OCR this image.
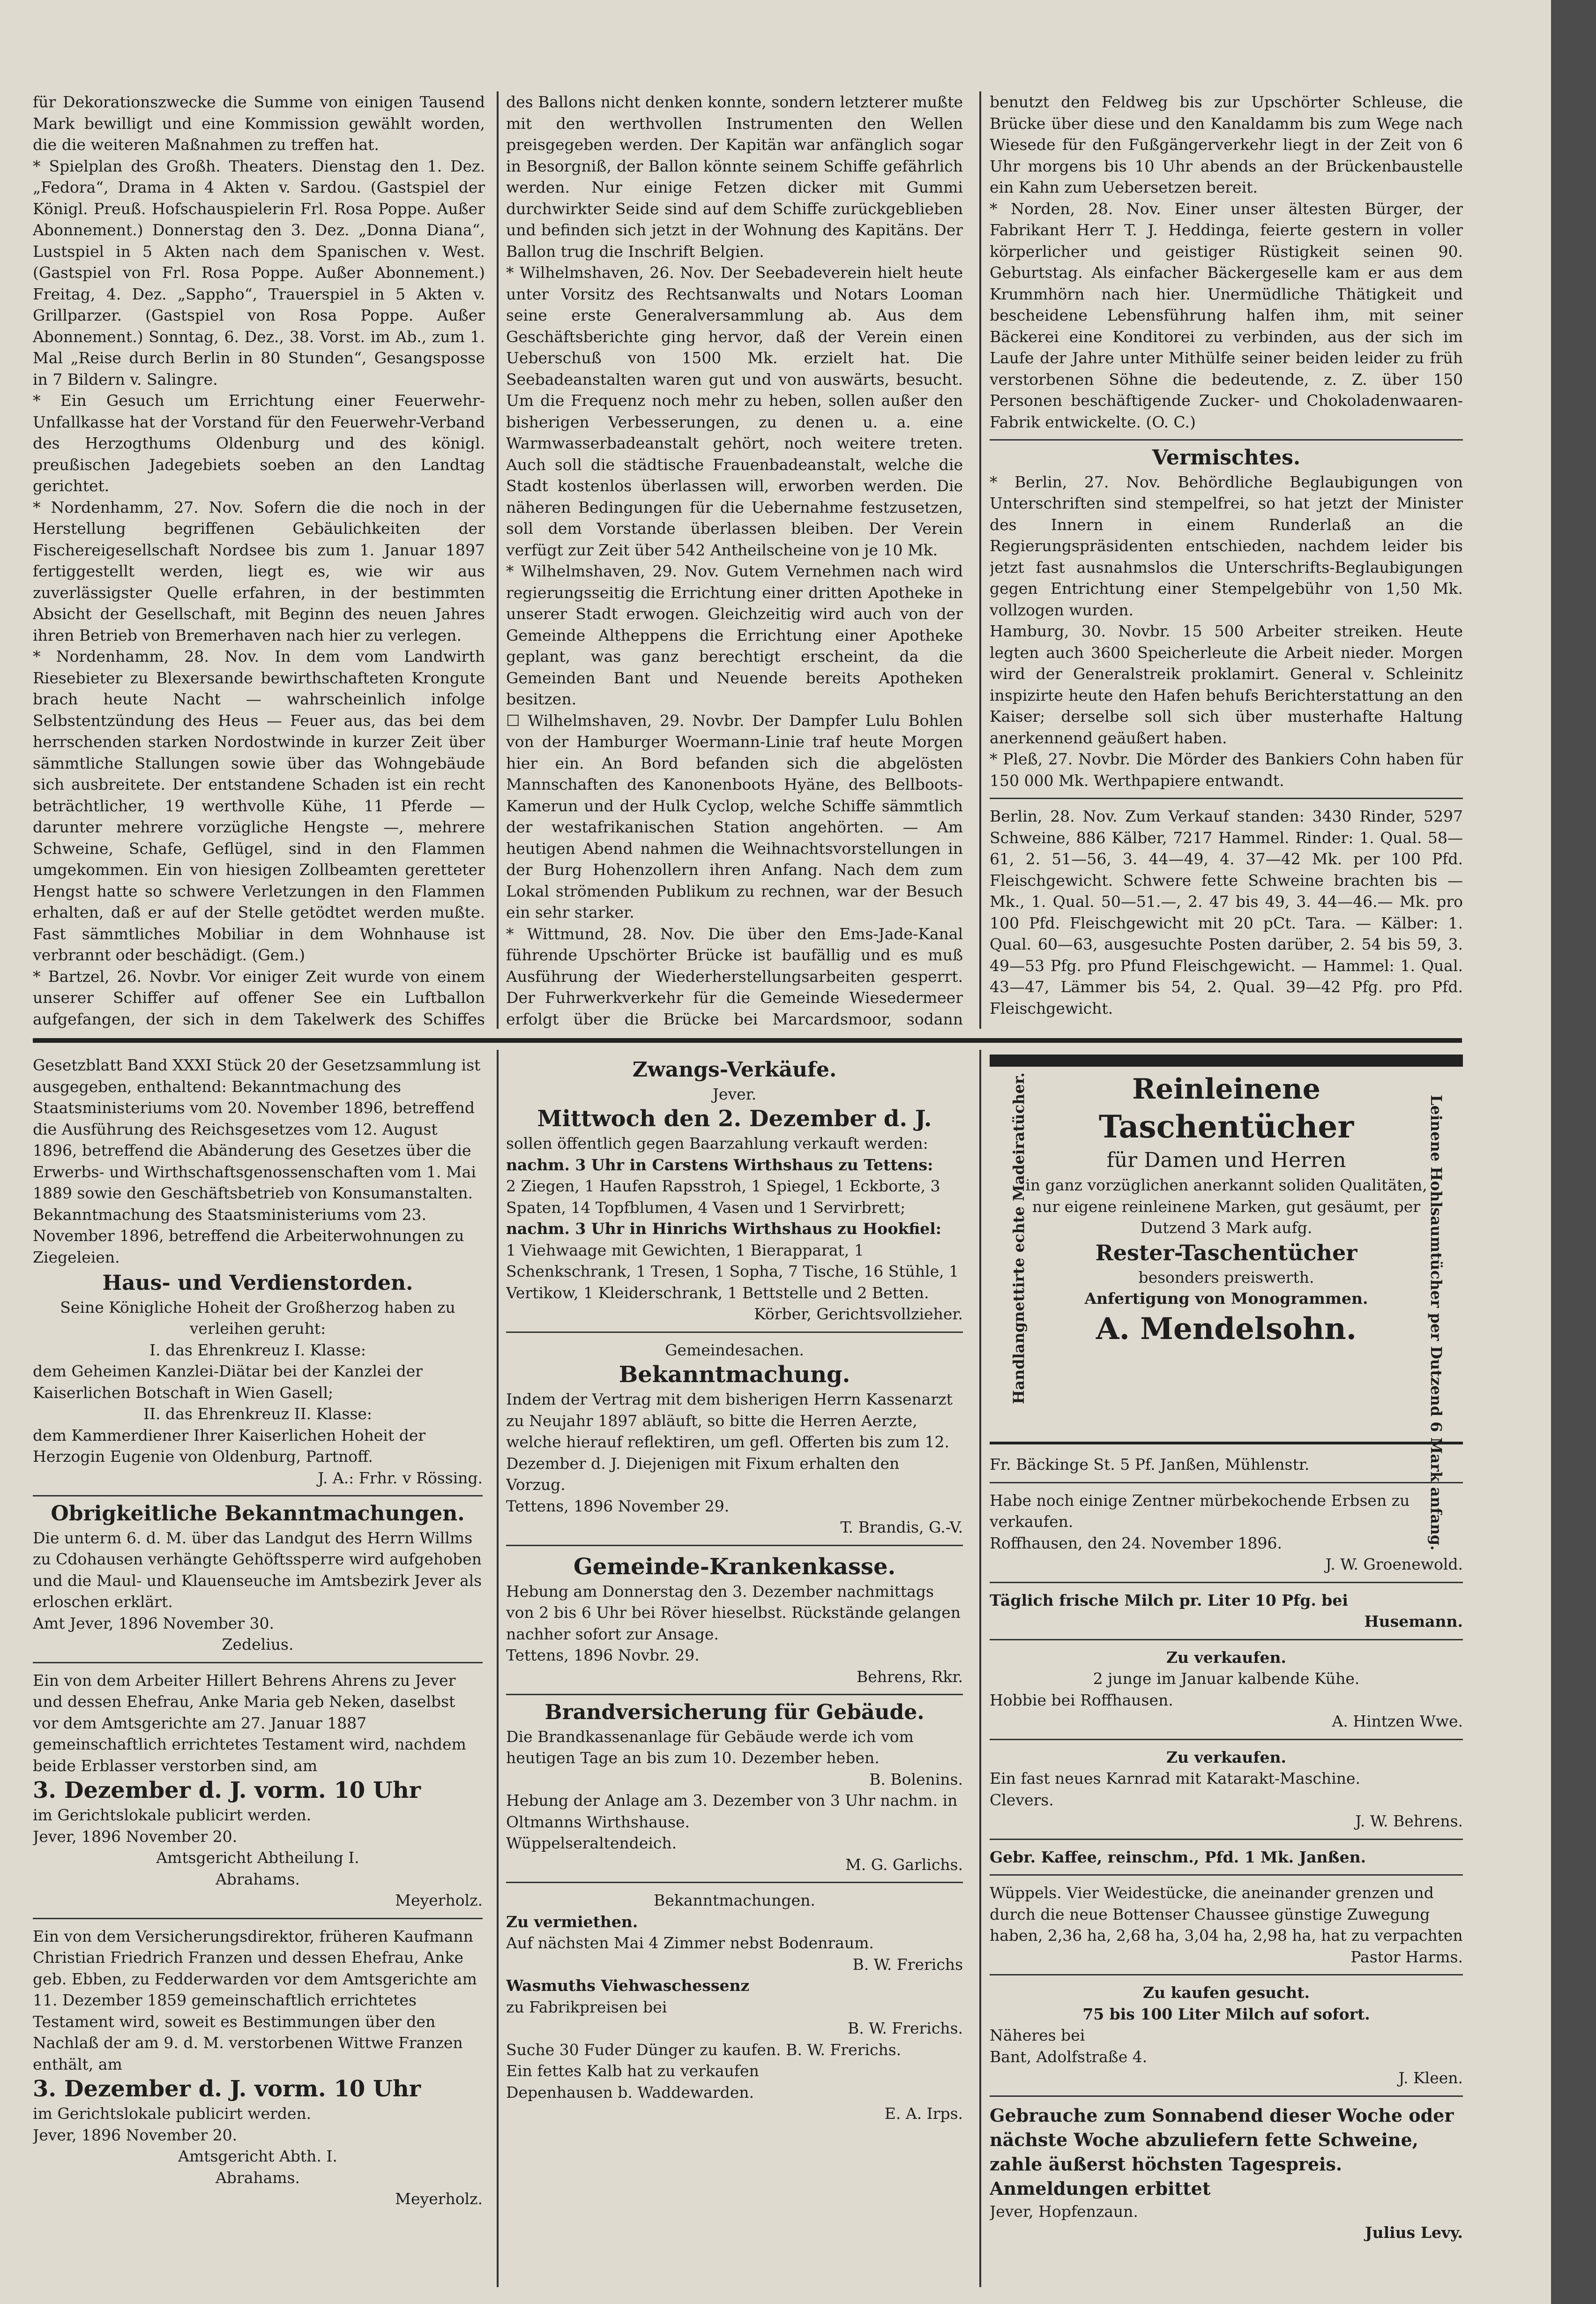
für Dekorationszwecke die Summe von einigen Tausend Mark bewilligt und eine Kommission gewählt worden, die die weiteren Maßnahmen zu treffen hat.

* Spielplan des Großh. Theaters. Dienstag den 1. Dez. „Fedora“, Drama in 4 Akten v. Sardou. (Gastspiel der Königl. Preuß. Hofschauspielerin Frl. Rosa Poppe. Außer Abonnement.) Donnerstag den 3. Dez. „Donna Diana“, Lustspiel in 5 Akten nach dem Spanischen v. West. (Gastspiel von Frl. Rosa Poppe. Außer Abonnement.) Freitag, 4. Dez. „Sappho“, Trauerspiel in 5 Akten v. Grillparzer. (Gastspiel von Rosa Poppe. Außer Abonnement.) Sonntag, 6. Dez., 38. Vorst. im Ab., zum 1. Mal „Reise durch Berlin in 80 Stunden“, Gesangsposse in 7 Bildern v. Salingre.

* Ein Gesuch um Errichtung einer Feuerwehr-Unfallkasse hat der Vorstand für den Feuerwehr-Verband des Herzogthums Oldenburg und des königl. preußischen Jadegebiets soeben an den Landtag gerichtet.

* Nordenhamm, 27. Nov. Sofern die die noch in der Herstellung begriffenen Gebäulichkeiten der Fischereigesellschaft Nordsee bis zum 1. Januar 1897 fertiggestellt werden, liegt es, wie wir aus zuverlässigster Quelle erfahren, in der bestimmten Absicht der Gesellschaft, mit Beginn des neuen Jahres ihren Betrieb von Bremerhaven nach hier zu verlegen.

* Nordenhamm, 28. Nov. In dem vom Landwirth Riesebieter zu Blexersande bewirthschafteten Krongute brach heute Nacht — wahrscheinlich infolge Selbstentzündung des Heus — Feuer aus, das bei dem herrschenden starken Nordostwinde in kurzer Zeit über sämmtliche Stallungen sowie über das Wohngebäude sich ausbreitete. Der entstandene Schaden ist ein recht beträchtlicher, 19 werthvolle Kühe, 11 Pferde — darunter mehrere vorzügliche Hengste —, mehrere Schweine, Schafe, Geflügel, sind in den Flammen umgekommen. Ein von hiesigen Zollbeamten geretteter Hengst hatte so schwere Verletzungen in den Flammen erhalten, daß er auf der Stelle getödtet werden mußte. Fast sämmtliches Mobiliar in dem Wohnhause ist verbrannt oder beschädigt. (Gem.)

* Bartzel, 26. Novbr. Vor einiger Zeit wurde von einem unserer Schiffer auf offener See ein Luftballon aufgefangen, der sich in dem Takelwerk des Schiffes

des Ballons nicht denken konnte, sondern letzterer mußte mit den werthvollen Instrumenten den Wellen preisgegeben werden. Der Kapitän war anfänglich sogar in Besorgniß, der Ballon könnte seinem Schiffe gefährlich werden. Nur einige Fetzen dicker mit Gummi durchwirkter Seide sind auf dem Schiffe zurückgeblieben und befinden sich jetzt in der Wohnung des Kapitäns. Der Ballon trug die Inschrift Belgien.

* Wilhelmshaven, 26. Nov. Der Seebadeverein hielt heute unter Vorsitz des Rechtsanwalts und Notars Looman seine erste Generalversammlung ab. Aus dem Geschäftsberichte ging hervor, daß der Verein einen Ueberschuß von 1500 Mk. erzielt hat. Die Seebadeanstalten waren gut und von auswärts, besucht. Um die Frequenz noch mehr zu heben, sollen außer den bisherigen Verbesserungen, zu denen u. a. eine Warmwasserbadeanstalt gehört, noch weitere treten. Auch soll die städtische Frauenbadeanstalt, welche die Stadt kostenlos überlassen will, erworben werden. Die näheren Bedingungen für die Uebernahme festzusetzen, soll dem Vorstande überlassen bleiben. Der Verein verfügt zur Zeit über 542 Antheilscheine von je 10 Mk.

* Wilhelmshaven, 29. Nov. Gutem Vernehmen nach wird regierungsseitig die Errichtung einer dritten Apotheke in unserer Stadt erwogen. Gleichzeitig wird auch von der Gemeinde Altheppens die Errichtung einer Apotheke geplant, was ganz berechtigt erscheint, da die Gemeinden Bant und Neuende bereits Apotheken besitzen.

☐ Wilhelmshaven, 29. Novbr. Der Dampfer Lulu Bohlen von der Hamburger Woermann-Linie traf heute Morgen hier ein. An Bord befanden sich die abgelösten Mannschaften des Kanonenboots Hyäne, des Bellboots-Kamerun und der Hulk Cyclop, welche Schiffe sämmtlich der westafrikanischen Station angehörten. — Am heutigen Abend nahmen die Weihnachtsvorstellungen in der Burg Hohenzollern ihren Anfang. Nach dem zum Lokal strömenden Publikum zu rechnen, war der Besuch ein sehr starker.

* Wittmund, 28. Nov. Die über den Ems-Jade-Kanal führende Upschörter Brücke ist baufällig und es muß Ausführung der Wiederherstellungsarbeiten gesperrt. Der Fuhrwerkverkehr für die Gemeinde Wiesedermeer erfolgt über die Brücke bei Marcardsmoor, sodann

benutzt den Feldweg bis zur Upschörter Schleuse, die Brücke über diese und den Kanaldamm bis zum Wege nach Wiesede für den Fußgängerverkehr liegt in der Zeit von 6 Uhr morgens bis 10 Uhr abends an der Brückenbaustelle ein Kahn zum Uebersetzen bereit.

* Norden, 28. Nov. Einer unser ältesten Bürger, der Fabrikant Herr T. J. Heddinga, feierte gestern in voller körperlicher und geistiger Rüstigkeit seinen 90. Geburtstag. Als einfacher Bäckergeselle kam er aus dem Krummhörn nach hier. Unermüdliche Thätigkeit und bescheidene Lebensführung halfen ihm, mit seiner Bäckerei eine Konditorei zu verbinden, aus der sich im Laufe der Jahre unter Mithülfe seiner beiden leider zu früh verstorbenen Söhne die bedeutende, z. Z. über 150 Personen beschäftigende Zucker- und Chokoladenwaaren-Fabrik entwickelte. (O. C.)

Vermischtes.

* Berlin, 27. Nov. Behördliche Beglaubigungen von Unterschriften sind stempelfrei, so hat jetzt der Minister des Innern in einem Runderlaß an die Regierungspräsidenten entschieden, nachdem leider bis jetzt fast ausnahmslos die Unterschrifts-Beglaubigungen gegen Entrichtung einer Stempelgebühr von 1,50 Mk. vollzogen wurden.

Hamburg, 30. Novbr. 15 500 Arbeiter streiken. Heute legten auch 3600 Speicherleute die Arbeit nieder. Morgen wird der Generalstreik proklamirt. General v. Schleinitz inspizirte heute den Hafen behufs Berichterstattung an den Kaiser; derselbe soll sich über musterhafte Haltung anerkennend geäußert haben.

* Pleß, 27. Novbr. Die Mörder des Bankiers Cohn haben für 150 000 Mk. Werthpapiere entwandt.

Berlin, 28. Nov. Zum Verkauf standen: 3430 Rinder, 5297 Schweine, 886 Kälber, 7217 Hammel. Rinder: 1. Qual. 58—61, 2. 51—56, 3. 44—49, 4. 37—42 Mk. per 100 Pfd. Fleischgewicht. Schwere fette Schweine brachten bis — Mk., 1. Qual. 50—51.—, 2. 47 bis 49, 3. 44—46.— Mk. pro 100 Pfd. Fleischgewicht mit 20 pCt. Tara. — Kälber: 1. Qual. 60—63, ausgesuchte Posten darüber, 2. 54 bis 59, 3. 49—53 Pfg. pro Pfund Fleischgewicht. — Hammel: 1. Qual. 43—47, Lämmer bis 54, 2. Qual. 39—42 Pfg. pro Pfd. Fleischgewicht.

Gesetzblatt Band XXXI Stück 20 der Gesetzsammlung ist ausgegeben, enthaltend: Bekanntmachung des Staatsministeriums vom 20. November 1896, betreffend die Ausführung des Reichsgesetzes vom 12. August 1896, betreffend die Abänderung des Gesetzes über die Erwerbs- und Wirthschaftsgenossenschaften vom 1. Mai 1889 sowie den Geschäftsbetrieb von Konsumanstalten. Bekanntmachung des Staatsministeriums vom 23. November 1896, betreffend die Arbeiterwohnungen zu Ziegeleien.

Haus- und Verdienstorden.

Seine Königliche Hoheit der Großherzog haben zu verleihen geruht:

I. das Ehrenkreuz I. Klasse:

dem Geheimen Kanzlei-Diätar bei der Kanzlei der Kaiserlichen Botschaft in Wien Gasell;

II. das Ehrenkreuz II. Klasse:

dem Kammerdiener Ihrer Kaiserlichen Hoheit der Herzogin Eugenie von Oldenburg, Partnoff.

J. A.: Frhr. v Rössing.

Obrigkeitliche Bekanntmachungen.

Die unterm 6. d. M. über das Landgut des Herrn Willms zu Cdohausen verhängte Gehöftssperre wird aufgehoben und die Maul- und Klauenseuche im Amtsbezirk Jever als erloschen erklärt.

Amt Jever, 1896 November 30.

Zedelius.

Ein von dem Arbeiter Hillert Behrens Ahrens zu Jever und dessen Ehefrau, Anke Maria geb Neken, daselbst vor dem Amtsgerichte am 27. Januar 1887 gemeinschaftlich errichtetes Testament wird, nachdem beide Erblasser verstorben sind, am

3. Dezember d. J. vorm. 10 Uhr

im Gerichtslokale publicirt werden.

Jever, 1896 November 20.

Amtsgericht Abtheilung I.

Abrahams.

Meyerholz.

Ein von dem Versicherungsdirektor, früheren Kaufmann Christian Friedrich Franzen und dessen Ehefrau, Anke geb. Ebben, zu Fedderwarden vor dem Amtsgerichte am 11. Dezember 1859 gemeinschaftlich errichtetes Testament wird, soweit es Bestimmungen über den Nachlaß der am 9. d. M. verstorbenen Wittwe Franzen enthält, am

3. Dezember d. J. vorm. 10 Uhr

im Gerichtslokale publicirt werden.

Jever, 1896 November 20.

Amtsgericht Abth. I.

Abrahams.

Meyerholz.

Zwangs-Verkäufe.

Jever.

Mittwoch den 2. Dezember d. J.

sollen öffentlich gegen Baarzahlung verkauft werden:

nachm. 3 Uhr in Carstens Wirthshaus zu Tettens:

2 Ziegen, 1 Haufen Rapsstroh, 1 Spiegel, 1 Eckborte, 3 Spaten, 14 Topfblumen, 4 Vasen und 1 Servirbrett;

nachm. 3 Uhr in Hinrichs Wirthshaus zu Hookfiel:

1 Viehwaage mit Gewichten, 1 Bierapparat, 1 Schenkschrank, 1 Tresen, 1 Sopha, 7 Tische, 16 Stühle, 1 Vertikow, 1 Kleiderschrank, 1 Bettstelle und 2 Betten.

Körber, Gerichtsvollzieher.

Gemeindesachen.

Bekanntmachung.

Indem der Vertrag mit dem bisherigen Herrn Kassenarzt zu Neujahr 1897 abläuft, so bitte die Herren Aerzte, welche hierauf reflektiren, um gefl. Offerten bis zum 12. Dezember d. J. Diejenigen mit Fixum erhalten den Vorzug.

Tettens, 1896 November 29.

T. Brandis, G.-V.

Gemeinde-Krankenkasse.

Hebung am Donnerstag den 3. Dezember nachmittags von 2 bis 6 Uhr bei Röver hieselbst. Rückstände gelangen nachher sofort zur Ansage.

Tettens, 1896 Novbr. 29.

Behrens, Rkr.

Brandversicherung für Gebäude.

Die Brandkassenanlage für Gebäude werde ich vom heutigen Tage an bis zum 10. Dezember heben.

B. Bolenins.

Hebung der Anlage am 3. Dezember von 3 Uhr nachm. in Oltmanns Wirthshause.

Wüppelseraltendeich.

M. G. Garlichs.

Bekanntmachungen.

Zu vermiethen.

Auf nächsten Mai 4 Zimmer nebst Bodenraum.

B. W. Frerichs

Wasmuths Viehwaschessenz

zu Fabrikpreisen bei

B. W. Frerichs.

Suche 30 Fuder Dünger zu kaufen. B. W. Frerichs.

Ein fettes Kalb hat zu verkaufen

Depenhausen b. Waddewarden.

E. A. Irps.

Handlangnettirte echte Madeiratücher.	Leinene Hohlsaumtücher per Dutzend 6 Mark anfang.

Reinleinene

Taschentücher

für Damen und Herren

in ganz vorzüglichen anerkannt soliden Qualitäten, nur eigene reinleinene Marken, gut gesäumt, per Dutzend 3 Mark aufg.

Rester-Taschentücher

besonders preiswerth.

Anfertigung von Monogrammen.

A. Mendelsohn.

Fr. Bäckinge St. 5 Pf. Janßen, Mühlenstr.

Habe noch einige Zentner mürbekochende Erbsen zu verkaufen.

Roffhausen, den 24. November 1896.

J. W. Groenewold.

Täglich frische Milch pr. Liter 10 Pfg. bei

Husemann.

Zu verkaufen.

2 junge im Januar kalbende Kühe.

Hobbie bei Roffhausen.

A. Hintzen Wwe.

Zu verkaufen.

Ein fast neues Karnrad mit Katarakt-Maschine.

Clevers.

J. W. Behrens.

Gebr. Kaffee, reinschm., Pfd. 1 Mk. Janßen.

Wüppels. Vier Weidestücke, die aneinander grenzen und durch die neue Bottenser Chaussee günstige Zuwegung haben, 2,36 ha, 2,68 ha, 3,04 ha, 2,98 ha, hat zu verpachten

Pastor Harms.

Zu kaufen gesucht.

75 bis 100 Liter Milch auf sofort.

Näheres bei

Bant, Adolfstraße 4.

J. Kleen.

Gebrauche zum Sonnabend dieser Woche oder nächste Woche abzuliefern fette Schweine, zahle äußerst höchsten Tagespreis. Anmeldungen erbittet

Jever, Hopfenzaun.

Julius Levy.
